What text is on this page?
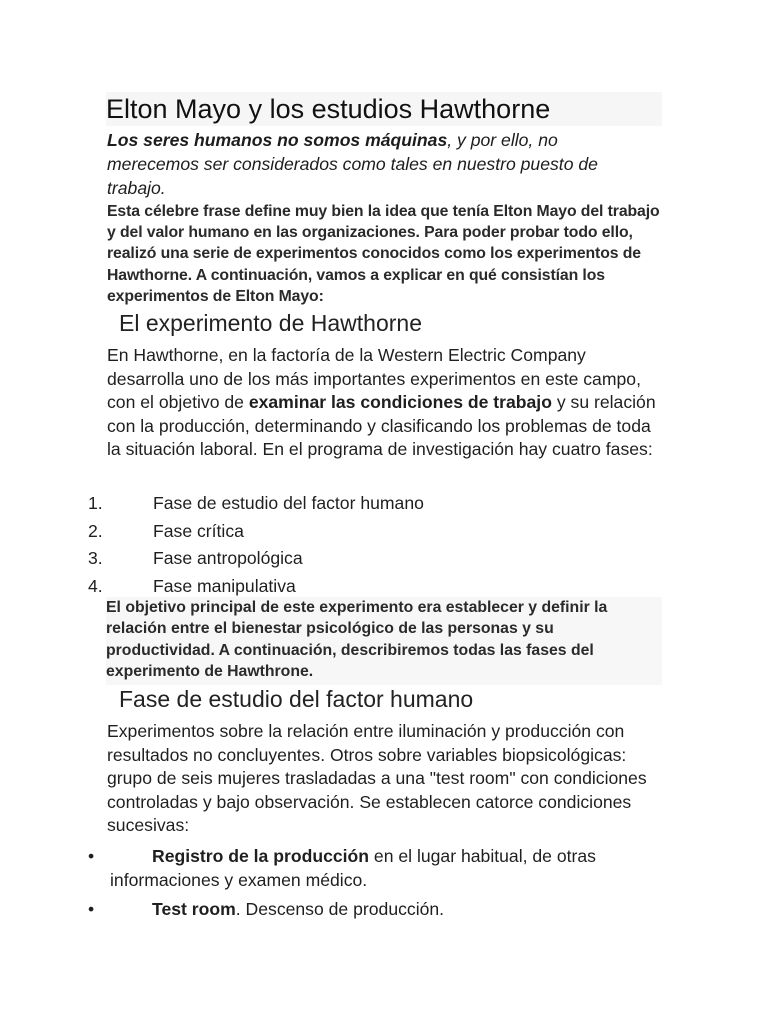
Elton Mayo y los estudios Hawthorne
Los seres humanos no somos máquinas, y por ello, no merecemos ser considerados como tales en nuestro puesto de trabajo.
Esta célebre frase define muy bien la idea que tenía Elton Mayo del trabajo y del valor humano en las organizaciones. Para poder probar todo ello, realizó una serie de experimentos conocidos como los experimentos de Hawthorne. A continuación, vamos a explicar en qué consistían los experimentos de Elton Mayo:
El experimento de Hawthorne
En Hawthorne, en la factoría de la Western Electric Company desarrolla uno de los más importantes experimentos en este campo, con el objetivo de examinar las condiciones de trabajo y su relación con la producción, determinando y clasificando los problemas de toda la situación laboral. En el programa de investigación hay cuatro fases:
1.	Fase de estudio del factor humano
2.	Fase crítica
3.	Fase antropológica
4.	Fase manipulativa
El objetivo principal de este experimento era establecer y definir la relación entre el bienestar psicológico de las personas y su productividad. A continuación, describiremos todas las fases del experimento de Hawthrone.
Fase de estudio del factor humano
Experimentos sobre la relación entre iluminación y producción con resultados no concluyentes. Otros sobre variables biopsicológicas: grupo de seis mujeres trasladadas a una "test room" con condiciones controladas y bajo observación. Se establecen catorce condiciones sucesivas:
•	Registro de la producción en el lugar habitual, de otras informaciones y examen médico.
•	Test room. Descenso de producción.
